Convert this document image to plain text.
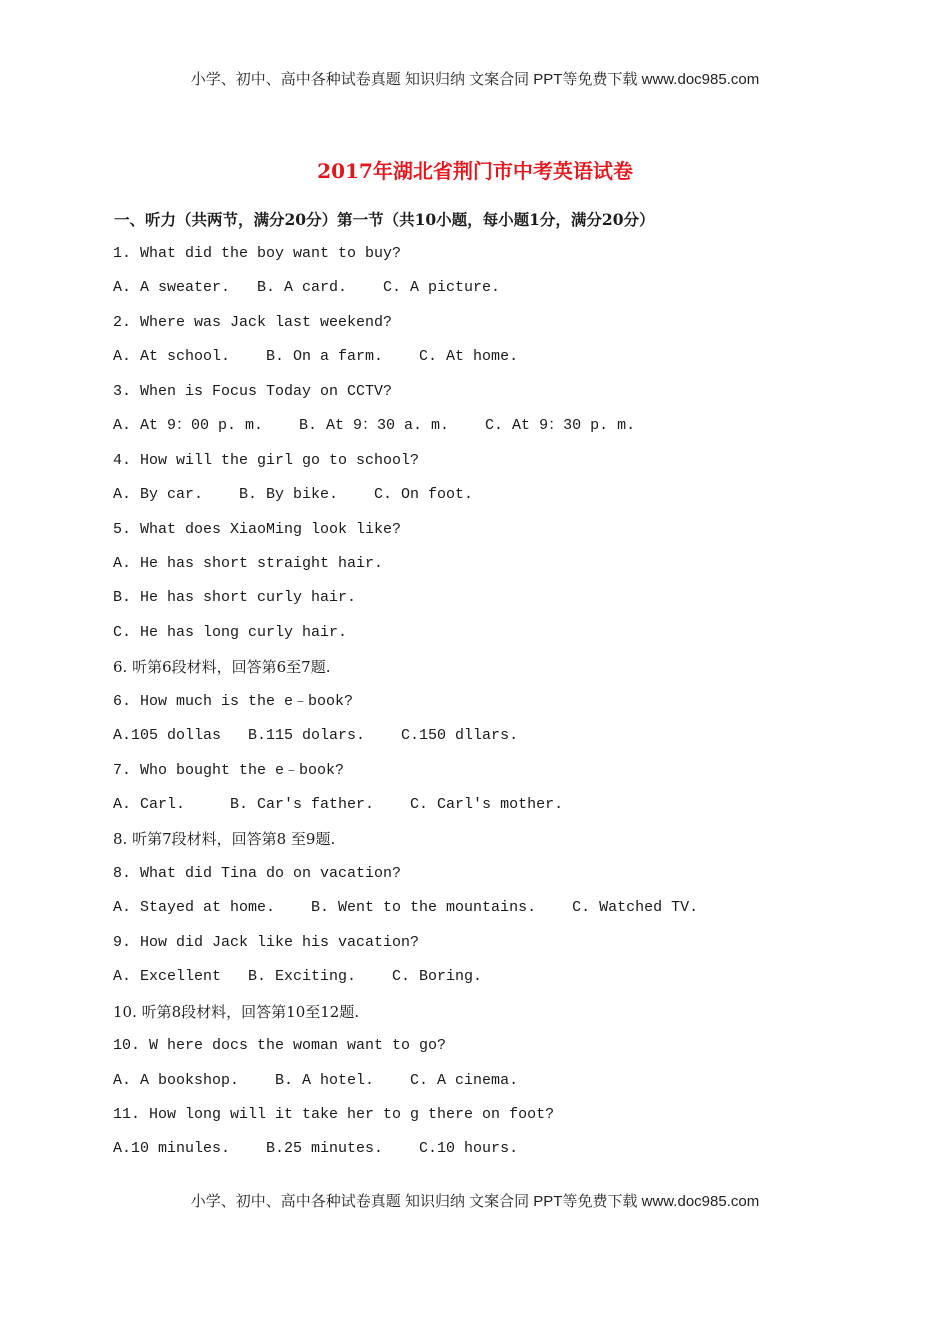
小学、初中、高中各种试卷真题 知识归纳 文案合同 PPT等免费下载 www.doc985.com
2017年湖北省荆门市中考英语试卷
一、听力（共两节，满分20分）第一节（共10小题，每小题1分，满分20分）
1. What did the boy want to buy?
A. A sweater.   B. A card.    C. A picture.
2. Where was Jack last weekend?
A. At school.    B. On a farm.    C. At home.
3. When is Focus Today on CCTV?
A. At 9：00 p. m.    B. At 9：30 a. m.    C. At 9：30 p. m.
4. How will the girl go to school?
A. By car.    B. By bike.    C. On foot.
5. What does XiaoMing look like?
A. He has short straight hair.
B. He has short curly hair.
C. He has long curly hair.
6. 听第6段材料，回答第6至7题.
6. How much is the e﹣book?
A.105 dollas   B.115 dolars.    C.150 dllars.
7. Who bought the e﹣book?
A. Carl.     B. Car's father.    C. Carl's mother.
8. 听第7段材料，回答第8 至9题.
8. What did Tina do on vacation?
A. Stayed at home.    B. Went to the mountains.    C. Watched TV.
9. How did Jack like his vacation?
A. Excellent   B. Exciting.    C. Boring.
10. 听第8段材料，回答第10至12题.
10. W here docs the woman want to go?
A. A bookshop.    B. A hotel.    C. A cinema.
11. How long will it take her to g there on foot?
A.10 minules.    B.25 minutes.    C.10 hours.
小学、初中、高中各种试卷真题 知识归纳 文案合同 PPT等免费下载 www.doc985.com
